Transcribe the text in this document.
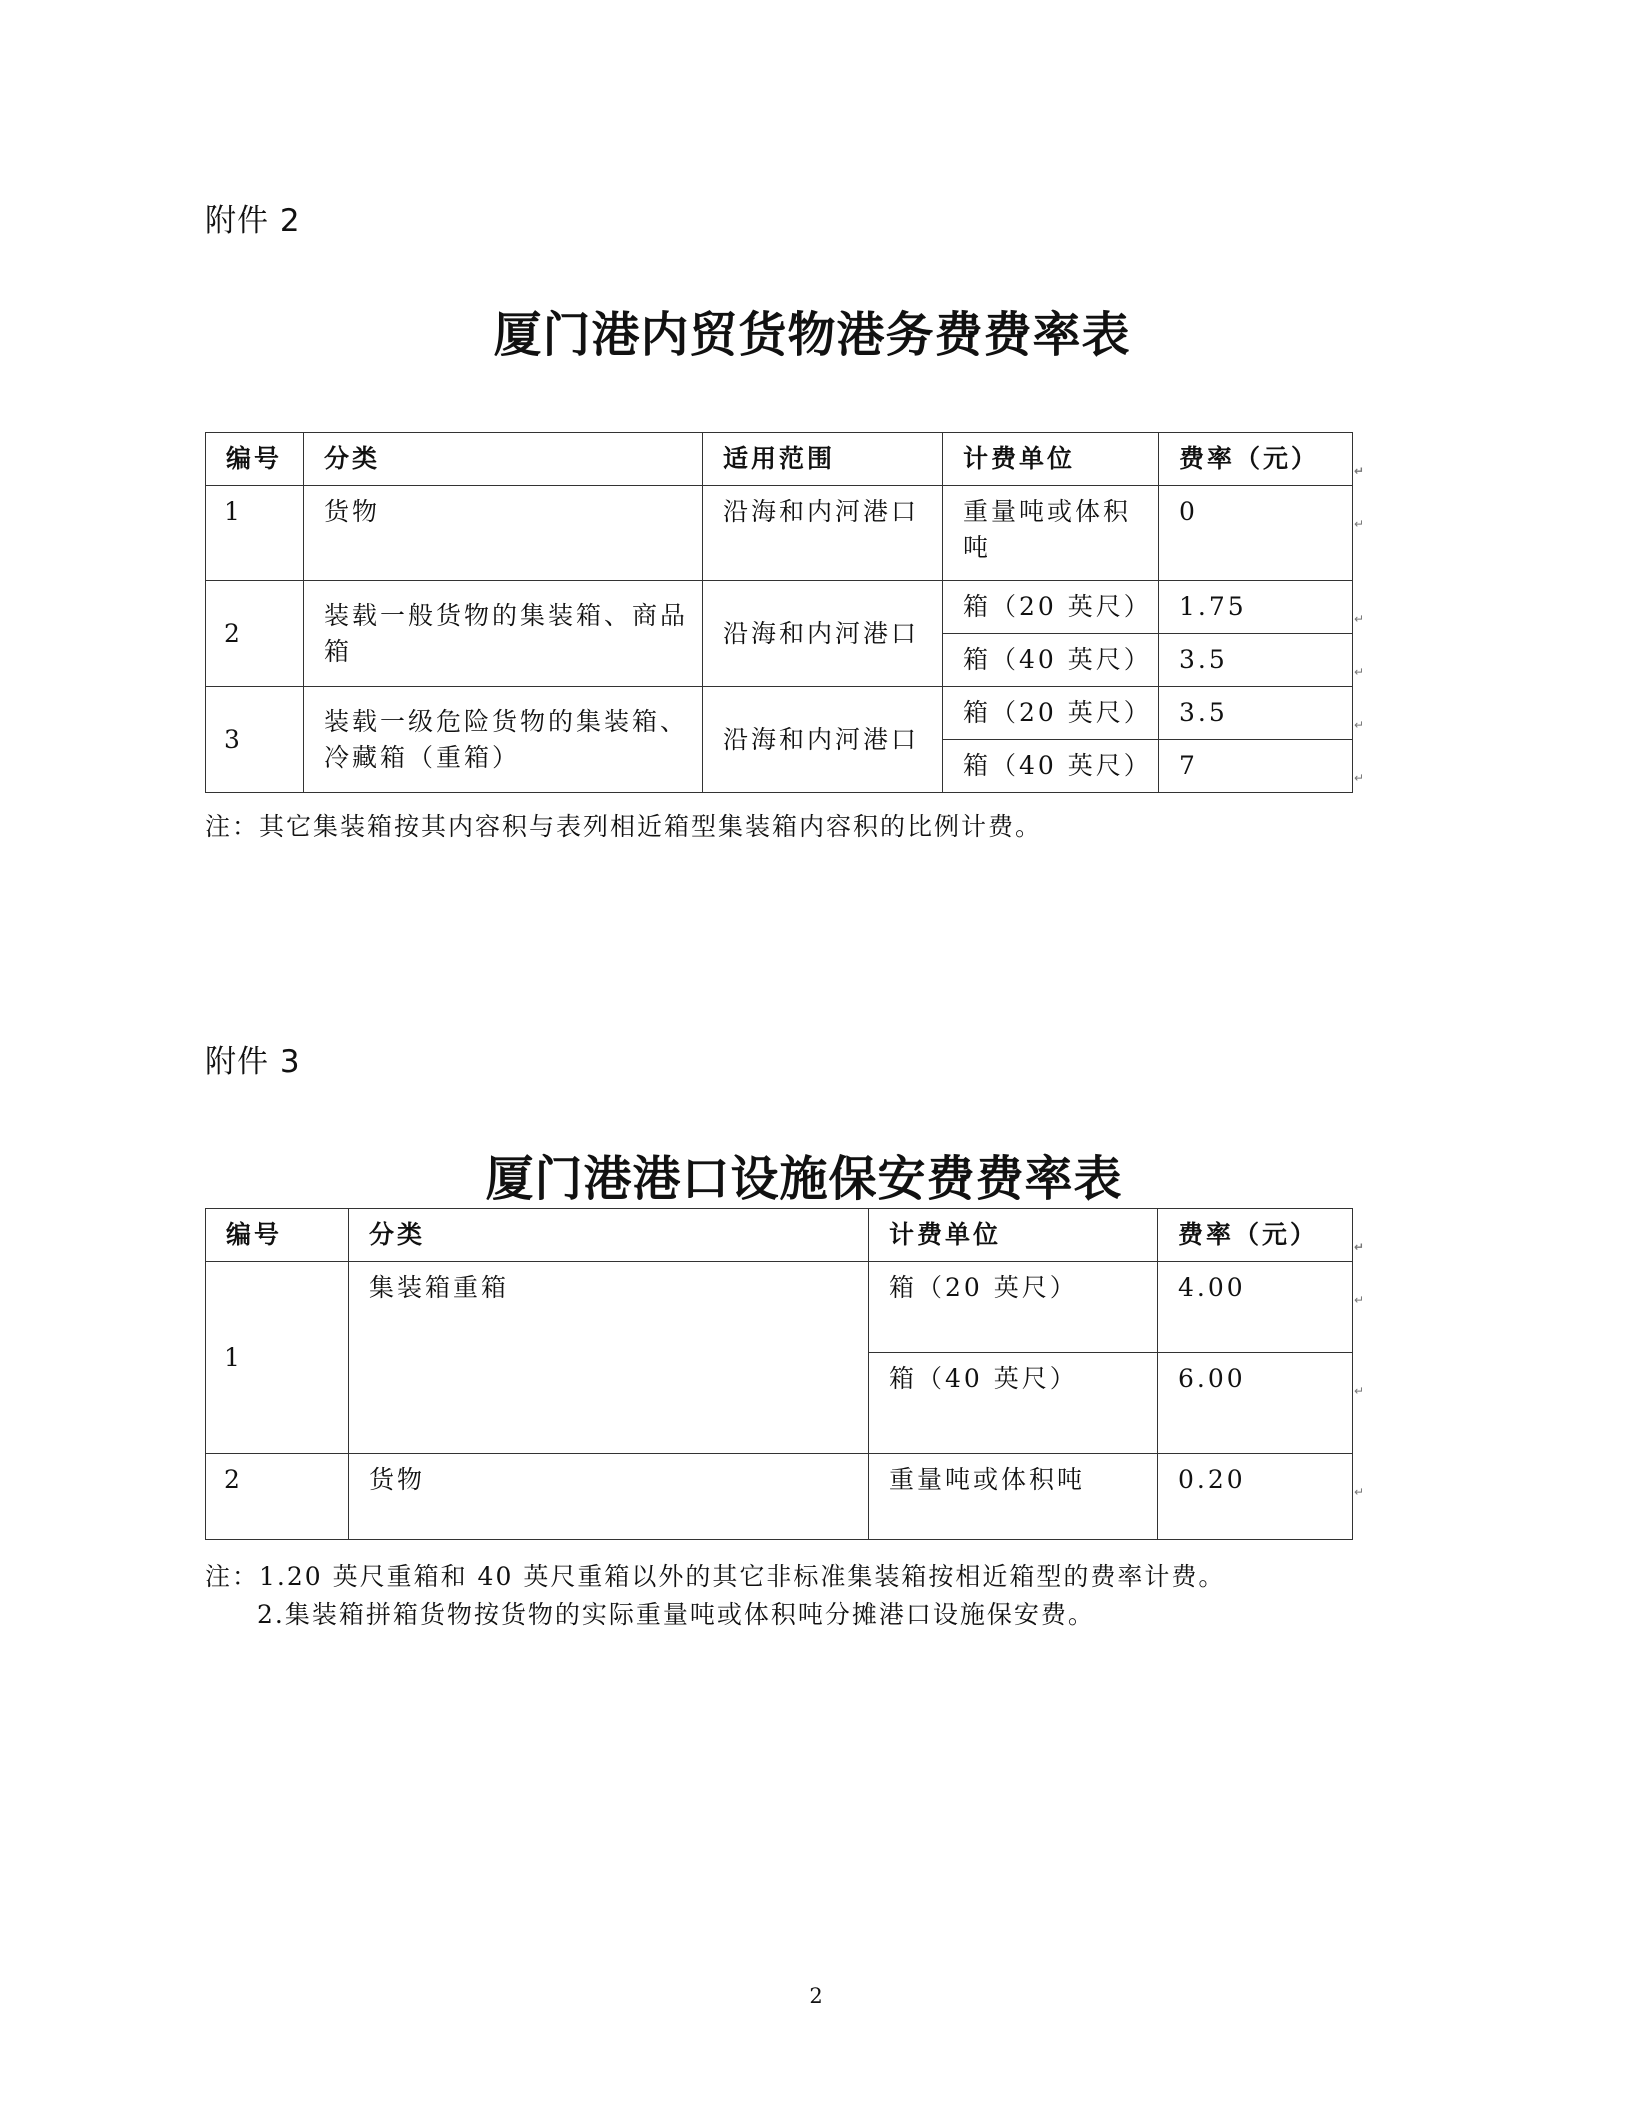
附件 2
厦门港内贸货物港务费费率表
编号	分类	适用范围	计费单位	费率（元） ↵

1	货物	沿海和内河港口	重量吨或体积吨	0 ↵

2	装载一般货物的集装箱、商品箱	沿海和内河港口	箱（20 英尺）	1.75 ↵

			箱（40 英尺）	3.5 ↵

3	装载一级危险货物的集装箱、冷藏箱（重箱）	沿海和内河港口	箱（20 英尺）	3.5 ↵

			箱（40 英尺）	7 ↵
注：其它集装箱按其内容积与表列相近箱型集装箱内容积的比例计费。
附件 3
厦门港港口设施保安费费率表
编号	分类	计费单位	费率（元） ↵

1	集装箱重箱	箱（20 英尺）	4.00 ↵

		箱（40 英尺）	6.00 ↵

2	货物	重量吨或体积吨	0.20 ↵
注：1.20 英尺重箱和 40 英尺重箱以外的其它非标准集装箱按相近箱型的费率计费。
2.集装箱拼箱货物按货物的实际重量吨或体积吨分摊港口设施保安费。
2
